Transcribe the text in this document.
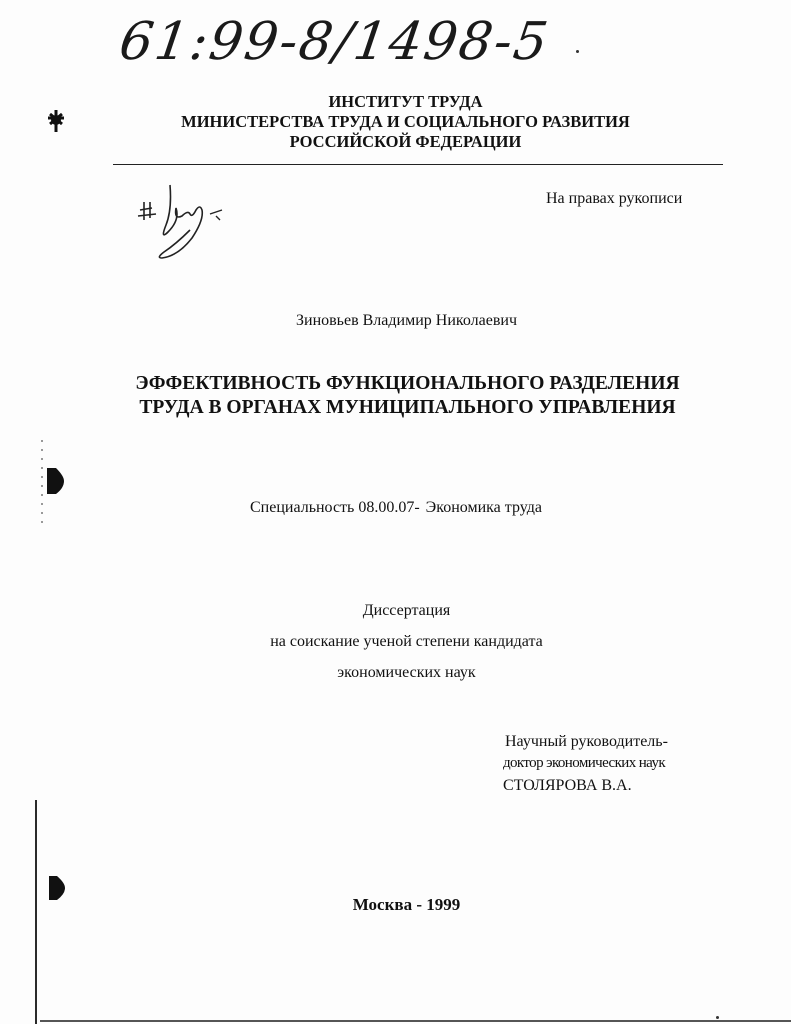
61:99-8/1498-5
ИНСТИТУТ ТРУДА
МИНИСТЕРСТВА ТРУДА И СОЦИАЛЬНОГО РАЗВИТИЯ
РОССИЙСКОЙ ФЕДЕРАЦИИ
На правах рукописи
Зиновьев Владимир Николаевич
ЭФФЕКТИВНОСТЬ ФУНКЦИОНАЛЬНОГО РАЗДЕЛЕНИЯ
ТРУДА В ОРГАНАХ МУНИЦИПАЛЬНОГО УПРАВЛЕНИЯ
Специальность 08.00.07- Экономика труда
Диссертация
на соискание ученой степени кандидата
экономических наук
Научный руководитель-
доктор экономических наук
СТОЛЯРОВА В.А.
Москва - 1999
